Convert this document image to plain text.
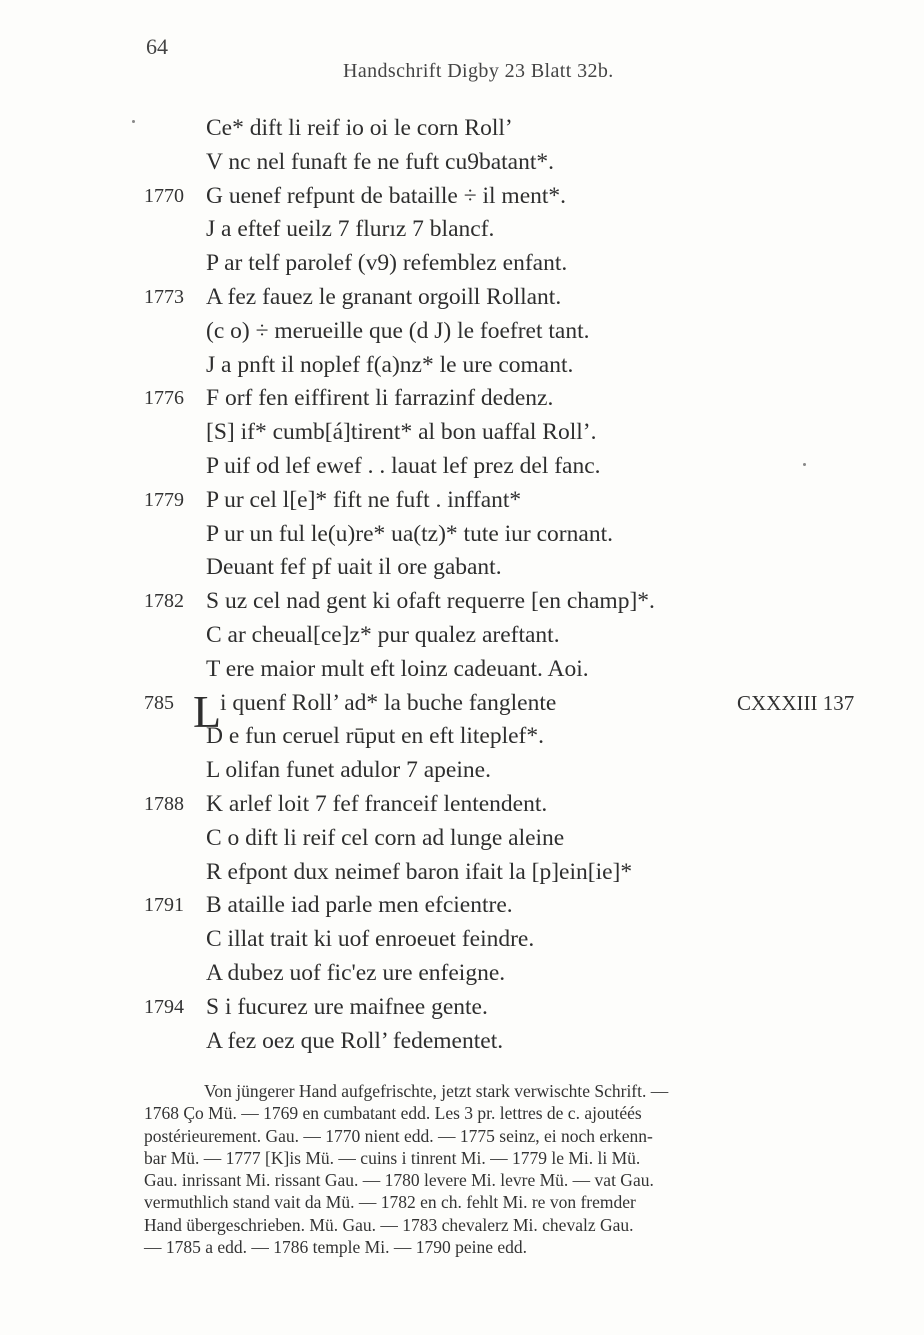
64
Handschrift Digby 23 Blatt 32b.
Ce* dift li reif io oi le corn Roll’
V nc nel funaft fe ne fuft cu9batant*.
1770 G uenef refpunt de bataille ÷ il ment*.
J a eftef ueilz 7 flurız 7 blancf.
P ar telf parolef (v9) refemblez enfant.
1773 A fez fauez le granant orgoill Rollant.
(c o) ÷ merueille que (d J) le foefret tant.
J a pnft il noplef f(a)nz* le ure comant.
1776 F orf fen eiffirent li farrazinf dedenz.
[S] if* cumb[á]tirent* al bon uaffal Roll’.
P uif od lef ewef . . lauat lef prez del fanc.
1779 P ur cel l[e]* fift ne fuft . inffant*
P ur un ful le(u)re* ua(tz)* tute iur cornant.
Deuant fef pf uait il ore gabant.
1782 S uz cel nad gent ki ofaft requerre [en champ]*.
C ar cheual[ce]z* pur qualez areftant.
T ere maior mult eft loinz cadeuant. Aoi.
785 L
i quenf Roll’ ad* la buche fanglente	CXXXIII 137
D e fun ceruel rūput en eft liteplef*.
L olifan funet adulor 7 apeine.
1788 K arlef loit 7 fef franceif lentendent.
C o dift li reif cel corn ad lunge aleine
R efpont dux neimef baron ifait la [p]ein[ie]*
1791 B ataille iad parle men efcientre.
C illat trait ki uof enroeuet feindre.
A dubez uof fic'ez ure enfeigne.
1794 S i fucurez ure maifnee gente.
A fez oez que Roll’ fedementet.
Von jüngerer Hand aufgefrischte, jetzt stark verwischte Schrift. —
1768 Ço Mü. — 1769 en cumbatant edd. Les 3 pr. lettres de c. ajoutéés
postérieurement. Gau. — 1770 nient edd. — 1775 seinz, ei noch erkenn-
bar Mü. — 1777 [K]is Mü. — cuins i tinrent Mi. — 1779 le Mi. li Mü.
Gau. inrissant Mi. rissant Gau. — 1780 levere Mi. levre Mü. — vat Gau.
vermuthlich stand vait da Mü. — 1782 en ch. fehlt Mi. re von fremder
Hand übergeschrieben. Mü. Gau. — 1783 chevalerz Mi. chevalz Gau.
— 1785 a edd. — 1786 temple Mi. — 1790 peine edd.
